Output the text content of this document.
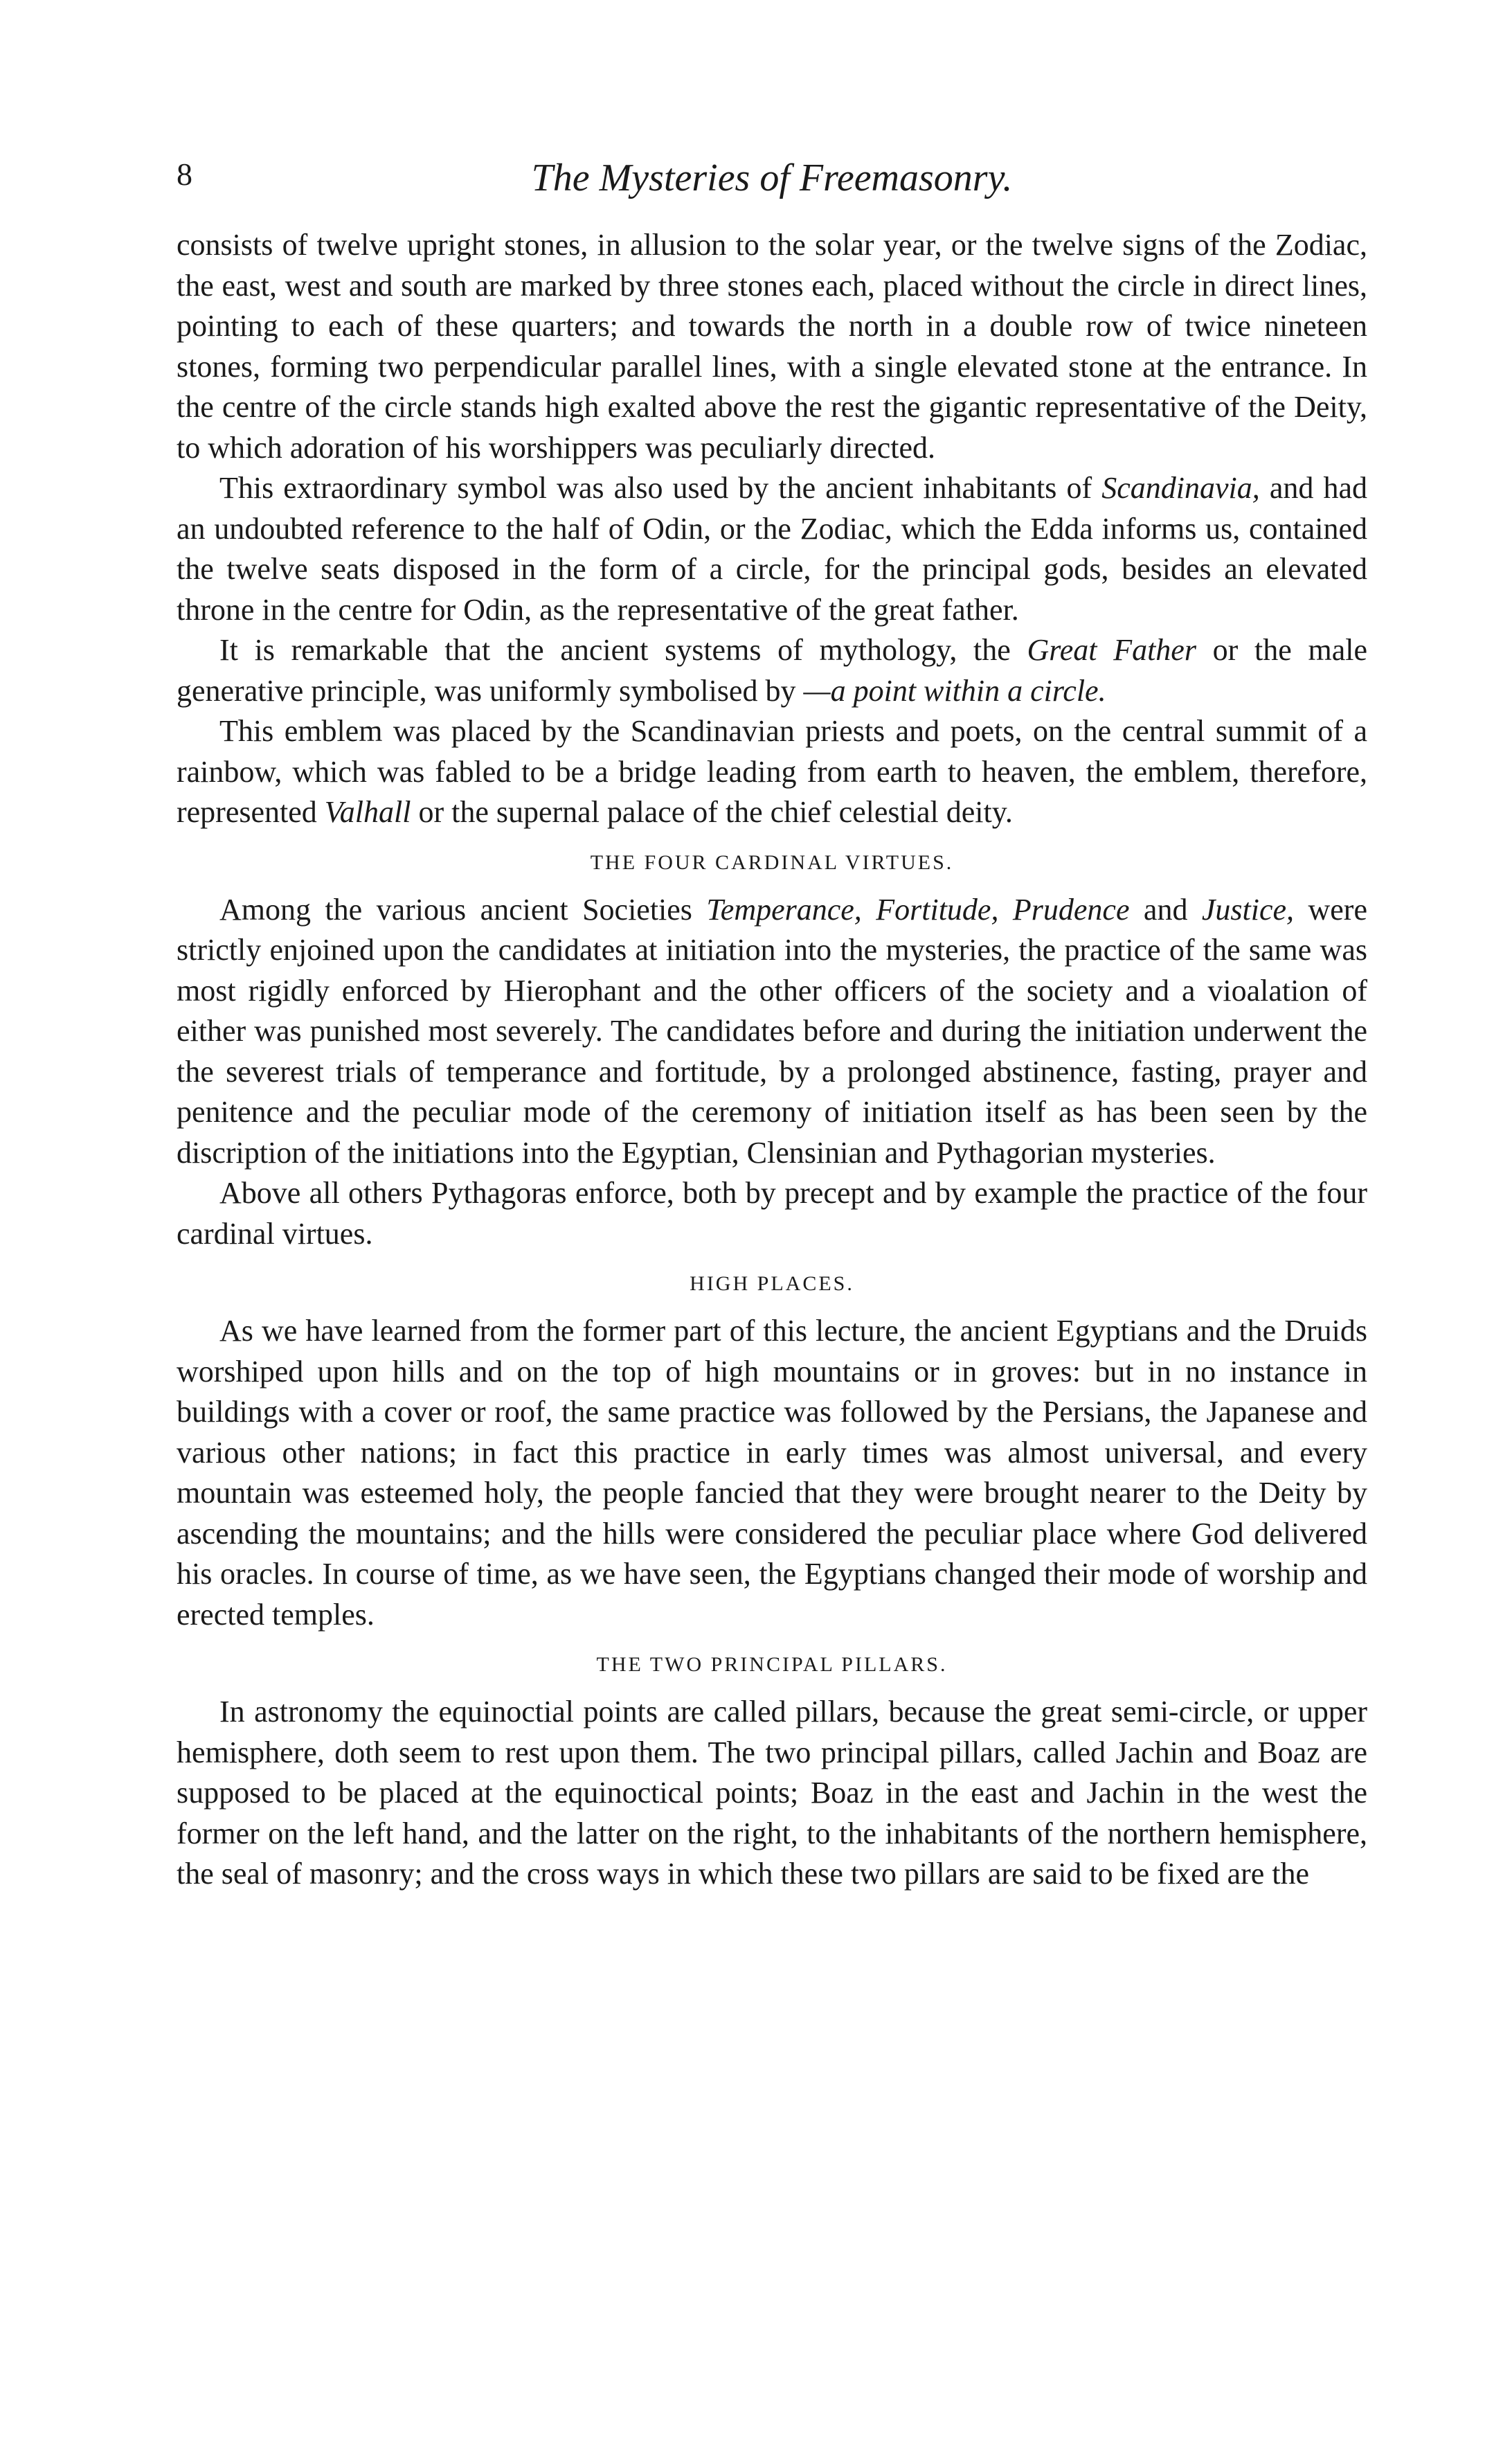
8	The Mysteries of Freemasonry.

consists of twelve upright stones, in allusion to the solar year, or the twelve signs of the Zodiac, the east, west and south are marked by three stones each, placed without the circle in direct lines, pointing to each of these quarters; and towards the north in a double row of twice nineteen stones, forming two perpendicular parallel lines, with a single elevated stone at the entrance. In the centre of the circle stands high exalted above the rest the gigantic representative of the Deity, to which adoration of his worshippers was peculiarly directed.

This extraordinary symbol was also used by the ancient inhabitants of Scandinavia, and had an undoubted reference to the half of Odin, or the Zodiac, which the Edda informs us, contained the twelve seats disposed in the form of a circle, for the principal gods, besides an elevated throne in the centre for Odin, as the representative of the great father.

It is remarkable that the ancient systems of mythology, the Great Father or the male generative principle, was uniformly symbolised by —a point within a circle.

This emblem was placed by the Scandinavian priests and poets, on the central summit of a rainbow, which was fabled to be a bridge leading from earth to heaven, the emblem, therefore, represented Valhall or the supernal palace of the chief celestial deity.

THE FOUR CARDINAL VIRTUES.

Among the various ancient Societies Temperance, Fortitude, Prudence and Justice, were strictly enjoined upon the candidates at initiation into the mysteries, the practice of the same was most rigidly enforced by Hierophant and the other officers of the society and a vioalation of either was punished most severely. The candidates before and during the initiation underwent the the severest trials of temperance and fortitude, by a prolonged abstinence, fasting, prayer and penitence and the peculiar mode of the ceremony of initiation itself as has been seen by the discription of the initiations into the Egyptian, Clensinian and Pythagorian mysteries.

Above all others Pythagoras enforce, both by precept and by example the practice of the four cardinal virtues.

HIGH PLACES.

As we have learned from the former part of this lecture, the ancient Egyptians and the Druids worshiped upon hills and on the top of high mountains or in groves: but in no instance in buildings with a cover or roof, the same practice was followed by the Persians, the Japanese and various other nations; in fact this practice in early times was almost universal, and every mountain was esteemed holy, the people fancied that they were brought nearer to the Deity by ascending the mountains; and the hills were considered the peculiar place where God delivered his oracles. In course of time, as we have seen, the Egyptians changed their mode of worship and erected temples.

THE TWO PRINCIPAL PILLARS.

In astronomy the equinoctial points are called pillars, because the great semi-circle, or upper hemisphere, doth seem to rest upon them. The two principal pillars, called Jachin and Boaz are supposed to be placed at the equinoctical points; Boaz in the east and Jachin in the west the former on the left hand, and the latter on the right, to the inhabitants of the northern hemisphere, the seal of masonry; and the cross ways in which these two pillars are said to be fixed are the
